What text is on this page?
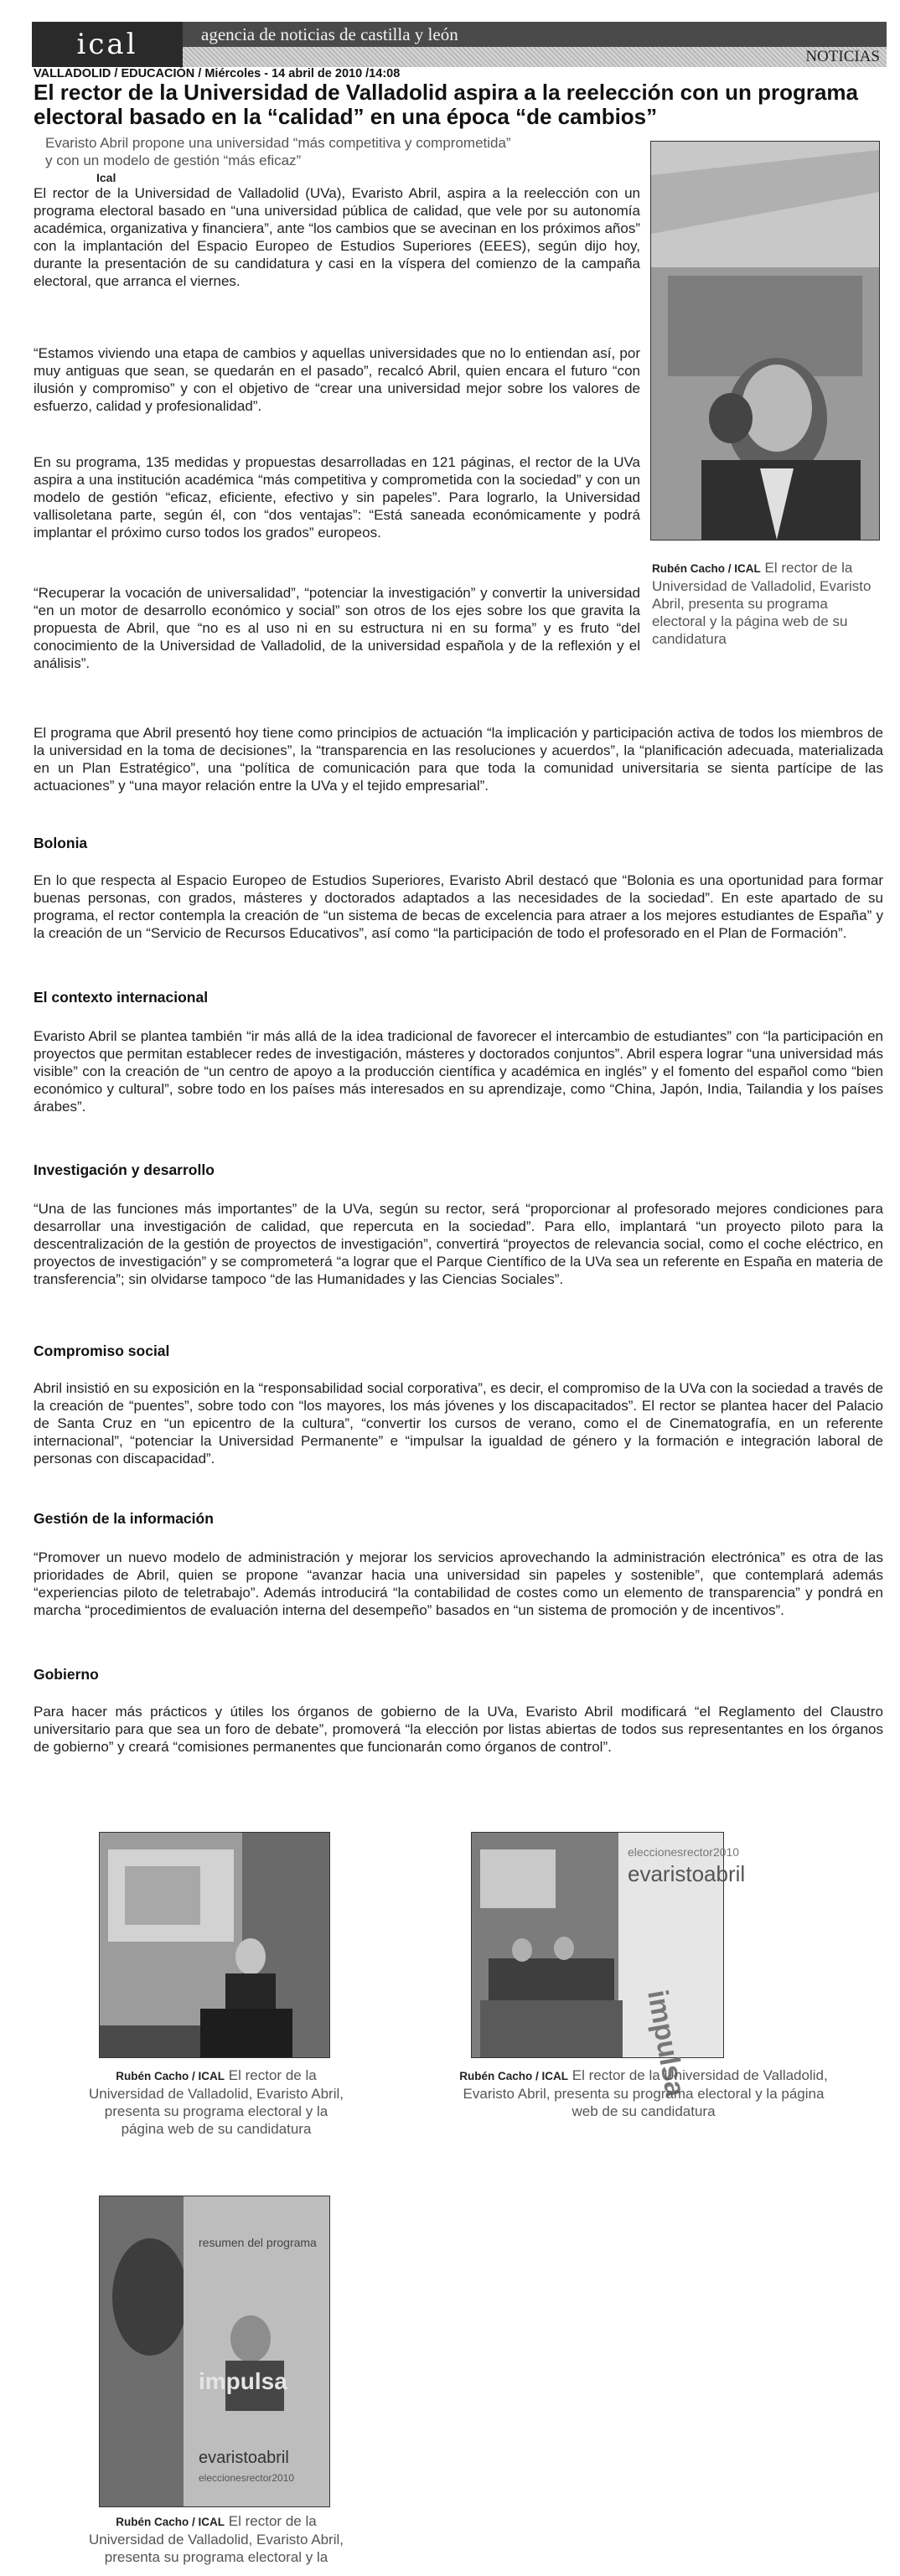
ical	agencia de noticias de castilla y león
NOTICIAS
VALLADOLID / EDUCACIÓN / Miércoles - 14 abril de 2010 /14:08
El rector de la Universidad de Valladolid aspira a la reelección con un programa
electoral basado en la “calidad” en una época “de cambios”
Evaristo Abril propone una universidad “más competitiva y comprometida”
y con un modelo de gestión “más eficaz”
Ical
Rubén Cacho / ICAL El rector de la Universidad de Valladolid, Evaristo Abril, presenta su programa electoral y la página web de su candidatura

El rector de la Universidad de Valladolid (UVa), Evaristo Abril, aspira a la reelección con un programa electoral basado en “una universidad pública de calidad, que vele por su autonomía académica, organizativa y financiera”, ante “los cambios que se avecinan en los próximos años” con la implantación del Espacio Europeo de Estudios Superiores (EEES), según dijo hoy, durante la presentación de su candidatura y casi en la víspera del comienzo de la campaña electoral, que arranca el viernes.

“Estamos viviendo una etapa de cambios y aquellas universidades que no lo entiendan así, por muy antiguas que sean, se quedarán en el pasado”, recalcó Abril, quien encara el futuro “con ilusión y compromiso” y con el objetivo de “crear una universidad mejor sobre los valores de esfuerzo, calidad y profesionalidad”.

En su programa, 135 medidas y propuestas desarrolladas en 121 páginas, el rector de la UVa aspira a una institución académica “más competitiva y comprometida con la sociedad” y con un modelo de gestión “eficaz, eficiente, efectivo y sin papeles”. Para lograrlo, la Universidad vallisoletana parte, según él, con “dos ventajas”: “Está saneada económicamente y podrá implantar el próximo curso todos los grados” europeos.

“Recuperar la vocación de universalidad”, “potenciar la investigación” y convertir la universidad “en un motor de desarrollo económico y social” son otros de los ejes sobre los que gravita la propuesta de Abril, que “no es al uso ni en su estructura ni en su forma” y es fruto “del conocimiento de la Universidad de Valladolid, de la universidad española y de la reflexión y el análisis”.

El programa que Abril presentó hoy tiene como principios de actuación “la implicación y participación activa de todos los miembros de la universidad en la toma de decisiones”, la “transparencia en las resoluciones y acuerdos”, la “planificación adecuada, materializada en un Plan Estratégico”, una “política de comunicación para que toda la comunidad universitaria se sienta partícipe de las actuaciones” y “una mayor relación entre la UVa y el tejido empresarial”.

Bolonia

En lo que respecta al Espacio Europeo de Estudios Superiores, Evaristo Abril destacó que “Bolonia es una oportunidad para formar buenas personas, con grados, másteres y doctorados adaptados a las necesidades de la sociedad”. En este apartado de su programa, el rector contempla la creación de “un sistema de becas de excelencia para atraer a los mejores estudiantes de España” y la creación de un “Servicio de Recursos Educativos”, así como “la participación de todo el profesorado en el Plan de Formación”.

El contexto internacional

Evaristo Abril se plantea también “ir más allá de la idea tradicional de favorecer el intercambio de estudiantes” con “la participación en proyectos que permitan establecer redes de investigación, másteres y doctorados conjuntos”. Abril espera lograr “una universidad más visible” con la creación de “un centro de apoyo a la producción científica y académica en inglés” y el fomento del español como “bien económico y cultural”, sobre todo en los países más interesados en su aprendizaje, como “China, Japón, India, Tailandia y los países árabes”.

Investigación y desarrollo

“Una de las funciones más importantes” de la UVa, según su rector, será “proporcionar al profesorado mejores condiciones para desarrollar una investigación de calidad, que repercuta en la sociedad”. Para ello, implantará “un proyecto piloto para la descentralización de la gestión de proyectos de investigación”, convertirá “proyectos de relevancia social, como el coche eléctrico, en proyectos de investigación” y se comprometerá “a lograr que el Parque Científico de la UVa sea un referente en España en materia de transferencia”; sin olvidarse tampoco “de las Humanidades y las Ciencias Sociales”.

Compromiso social

Abril insistió en su exposición en la “responsabilidad social corporativa”, es decir, el compromiso de la UVa con la sociedad a través de la creación de “puentes”, sobre todo con “los mayores, los más jóvenes y los discapacitados”. El rector se plantea hacer del Palacio de Santa Cruz en “un epicentro de la cultura”, “convertir los cursos de verano, como el de Cinematografía, en un referente internacional”, “potenciar la Universidad Permanente” e “impulsar la igualdad de género y la formación e integración laboral de personas con discapacidad”.

Gestión de la información

“Promover un nuevo modelo de administración y mejorar los servicios aprovechando la administración electrónica” es otra de las prioridades de Abril, quien se propone “avanzar hacia una universidad sin papeles y sostenible”, que contemplará además “experiencias piloto de teletrabajo”. Además introducirá “la contabilidad de costes como un elemento de transparencia” y pondrá en marcha “procedimientos de evaluación interna del desempeño” basados en “un sistema de promoción y de incentivos”.

Gobierno

Para hacer más prácticos y útiles los órganos de gobierno de la UVa, Evaristo Abril modificará “el Reglamento del Claustro universitario para que sea un foro de debate”, promoverá “la elección por listas abiertas de todos sus representantes en los órganos de gobierno” y creará “comisiones permanentes que funcionarán como órganos de control”.

Rubén Cacho / ICAL El rector de la Universidad de Valladolid, Evaristo Abril, presenta su programa electoral y la página web de su candidatura
eleccionesrector2010
evaristoabril
impulsa
Rubén Cacho / ICAL El rector de la Universidad de Valladolid, Evaristo Abril, presenta su programa electoral y la página web de su candidatura
resumen del programa
impulsa
evaristoabril
eleccionesrector2010
Rubén Cacho / ICAL El rector de la Universidad de Valladolid, Evaristo Abril, presenta su programa electoral y la
